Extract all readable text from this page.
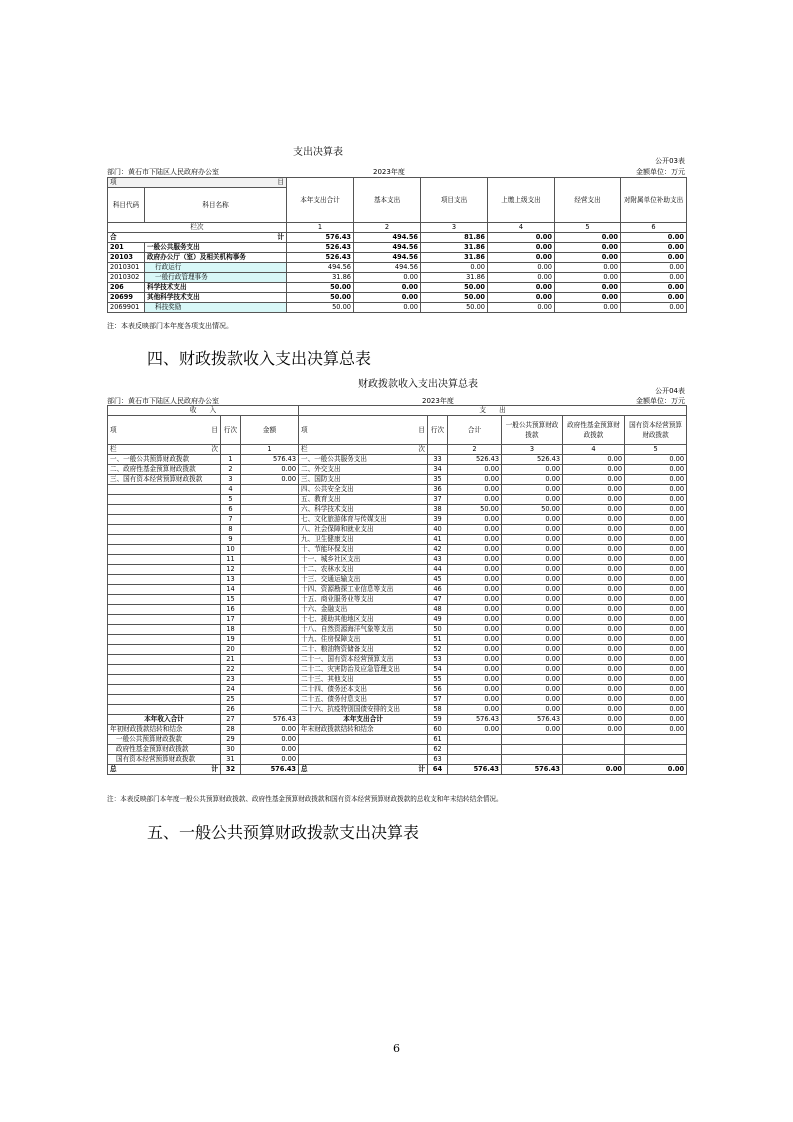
支出决算表
公开03表
部门：黄石市下陆区人民政府办公室	2023年度	金额单位：万元
项 目		本年支出合计	基本支出	项目支出	上缴上级支出	经营支出	对附属单位补助支出
科目代码	科目名称						
栏次		1	2	3	4	5	6
合 计		576.43	494.56	81.86	0.00	0.00	0.00
201	一般公共服务支出	526.43	494.56	31.86	0.00	0.00	0.00
20103	政府办公厅（室）及相关机构事务	526.43	494.56	31.86	0.00	0.00	0.00
2010301	行政运行	494.56	494.56	0.00	0.00	0.00	0.00
2010302	一般行政管理事务	31.86	0.00	31.86	0.00	0.00	0.00
206	科学技术支出	50.00	0.00	50.00	0.00	0.00	0.00
20699	其他科学技术支出	50.00	0.00	50.00	0.00	0.00	0.00
2069901	科技奖励	50.00	0.00	50.00	0.00	0.00	0.00
注：本表反映部门本年度各项支出情况。
四、财政拨款收入支出决算总表
财政拨款收入支出决算总表
公开04表
部门：黄石市下陆区人民政府办公室	2023年度	金额单位：万元
收　　入			支　　出					
项 目	行次	金额	项 目	行次	合计	一般公共预算财政拨款	政府性基金预算财政拨款	国有资本经营预算财政拨款
栏 次		1	栏 次		2	3	4	5
一、一般公共预算财政拨款	1	576.43	一、一般公共服务支出	33	526.43	526.43	0.00	0.00
二、政府性基金预算财政拨款	2	0.00	二、外交支出	34	0.00	0.00	0.00	0.00
三、国有资本经营预算财政拨款	3	0.00	三、国防支出	35	0.00	0.00	0.00	0.00
	4		四、公共安全支出	36	0.00	0.00	0.00	0.00
	5		五、教育支出	37	0.00	0.00	0.00	0.00
	6		六、科学技术支出	38	50.00	50.00	0.00	0.00
	7		七、文化旅游体育与传媒支出	39	0.00	0.00	0.00	0.00
	8		八、社会保障和就业支出	40	0.00	0.00	0.00	0.00
	9		九、卫生健康支出	41	0.00	0.00	0.00	0.00
	10		十、节能环保支出	42	0.00	0.00	0.00	0.00
	11		十一、城乡社区支出	43	0.00	0.00	0.00	0.00
	12		十二、农林水支出	44	0.00	0.00	0.00	0.00
	13		十三、交通运输支出	45	0.00	0.00	0.00	0.00
	14		十四、资源勘探工业信息等支出	46	0.00	0.00	0.00	0.00
	15		十五、商业服务业等支出	47	0.00	0.00	0.00	0.00
	16		十六、金融支出	48	0.00	0.00	0.00	0.00
	17		十七、援助其他地区支出	49	0.00	0.00	0.00	0.00
	18		十八、自然资源海洋气象等支出	50	0.00	0.00	0.00	0.00
	19		十九、住房保障支出	51	0.00	0.00	0.00	0.00
	20		二十、粮油物资储备支出	52	0.00	0.00	0.00	0.00
	21		二十一、国有资本经营预算支出	53	0.00	0.00	0.00	0.00
	22		二十二、灾害防治及应急管理支出	54	0.00	0.00	0.00	0.00
	23		二十三、其他支出	55	0.00	0.00	0.00	0.00
	24		二十四、债务还本支出	56	0.00	0.00	0.00	0.00
	25		二十五、债务付息支出	57	0.00	0.00	0.00	0.00
	26		二十六、抗疫特别国债安排的支出	58	0.00	0.00	0.00	0.00
本年收入合计	27	576.43	本年支出合计	59	576.43	576.43	0.00	0.00
年初财政拨款结转和结余	28	0.00	年末财政拨款结转和结余	60	0.00	0.00	0.00	0.00
一般公共预算财政拨款	29	0.00		61				
政府性基金预算财政拨款	30	0.00		62				
国有资本经营预算财政拨款	31	0.00		63				
总 计	32	576.43	总 计	64	576.43	576.43	0.00	0.00
注：本表反映部门本年度一般公共预算财政拨款、政府性基金预算财政拨款和国有资本经营预算财政拨款的总收支和年末结转结余情况。
五、一般公共预算财政拨款支出决算表
6
